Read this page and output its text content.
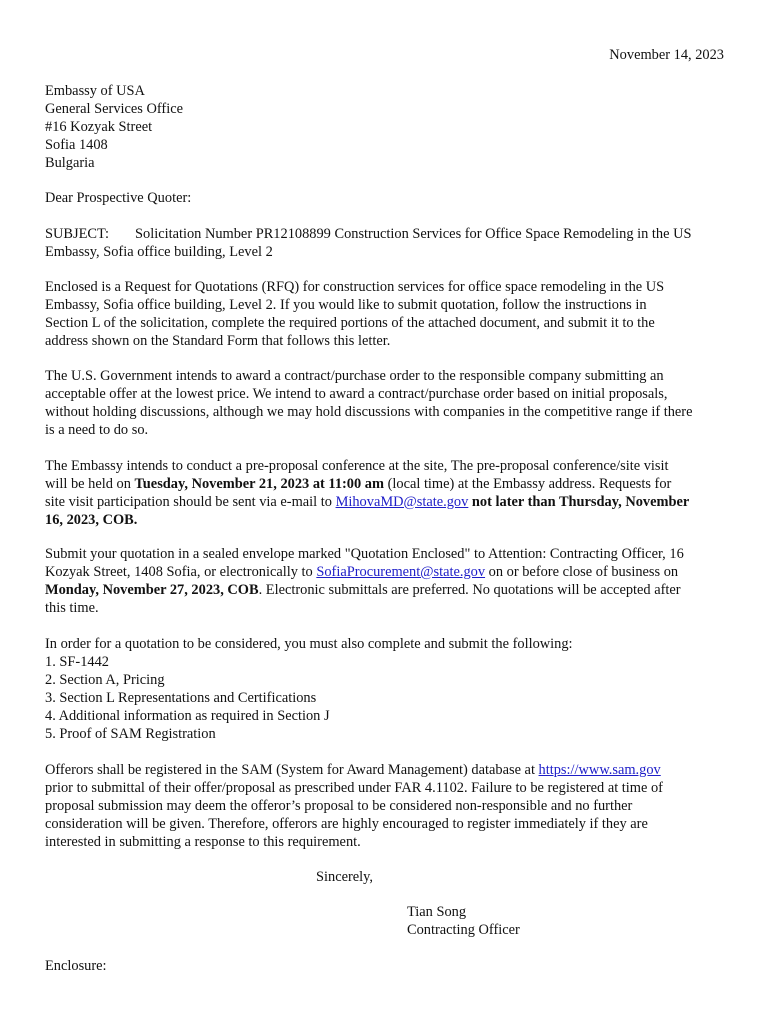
November 14, 2023

Embassy of USA

General Services Office

#16 Kozyak Street

Sofia 1408

Bulgaria

Dear Prospective Quoter:

SUBJECT: Solicitation Number PR12108899 Construction Services for Office Space Remodeling in the US

Embassy, Sofia office building, Level 2

Enclosed is a Request for Quotations (RFQ) for construction services for office space remodeling in the US

Embassy, Sofia office building, Level 2. If you would like to submit quotation, follow the instructions in

Section L of the solicitation, complete the required portions of the attached document, and submit it to the

address shown on the Standard Form that follows this letter.

The U.S. Government intends to award a contract/purchase order to the responsible company submitting an

acceptable offer at the lowest price. We intend to award a contract/purchase order based on initial proposals,

without holding discussions, although we may hold discussions with companies in the competitive range if there

is a need to do so.

The Embassy intends to conduct a pre-proposal conference at the site, The pre-proposal conference/site visit

will be held on Tuesday, November 21, 2023 at 11:00 am (local time) at the Embassy address. Requests for

site visit participation should be sent via e-mail to MihovaMD@state.gov not later than Thursday, November

16, 2023, COB.

Submit your quotation in a sealed envelope marked "Quotation Enclosed" to Attention: Contracting Officer, 16

Kozyak Street, 1408 Sofia, or electronically to SofiaProcurement@state.gov on or before close of business on

Monday, November 27, 2023, COB. Electronic submittals are preferred. No quotations will be accepted after

this time.

In order for a quotation to be considered, you must also complete and submit the following:

1. SF-1442

2. Section A, Pricing

3. Section L Representations and Certifications

4. Additional information as required in Section J

5. Proof of SAM Registration

Offerors shall be registered in the SAM (System for Award Management) database at https://www.sam.gov

prior to submittal of their offer/proposal as prescribed under FAR 4.1102. Failure to be registered at time of

proposal submission may deem the offeror’s proposal to be considered non-responsible and no further

consideration will be given. Therefore, offerors are highly encouraged to register immediately if they are

interested in submitting a response to this requirement.

Sincerely,

Tian Song

Contracting Officer

Enclosure:
